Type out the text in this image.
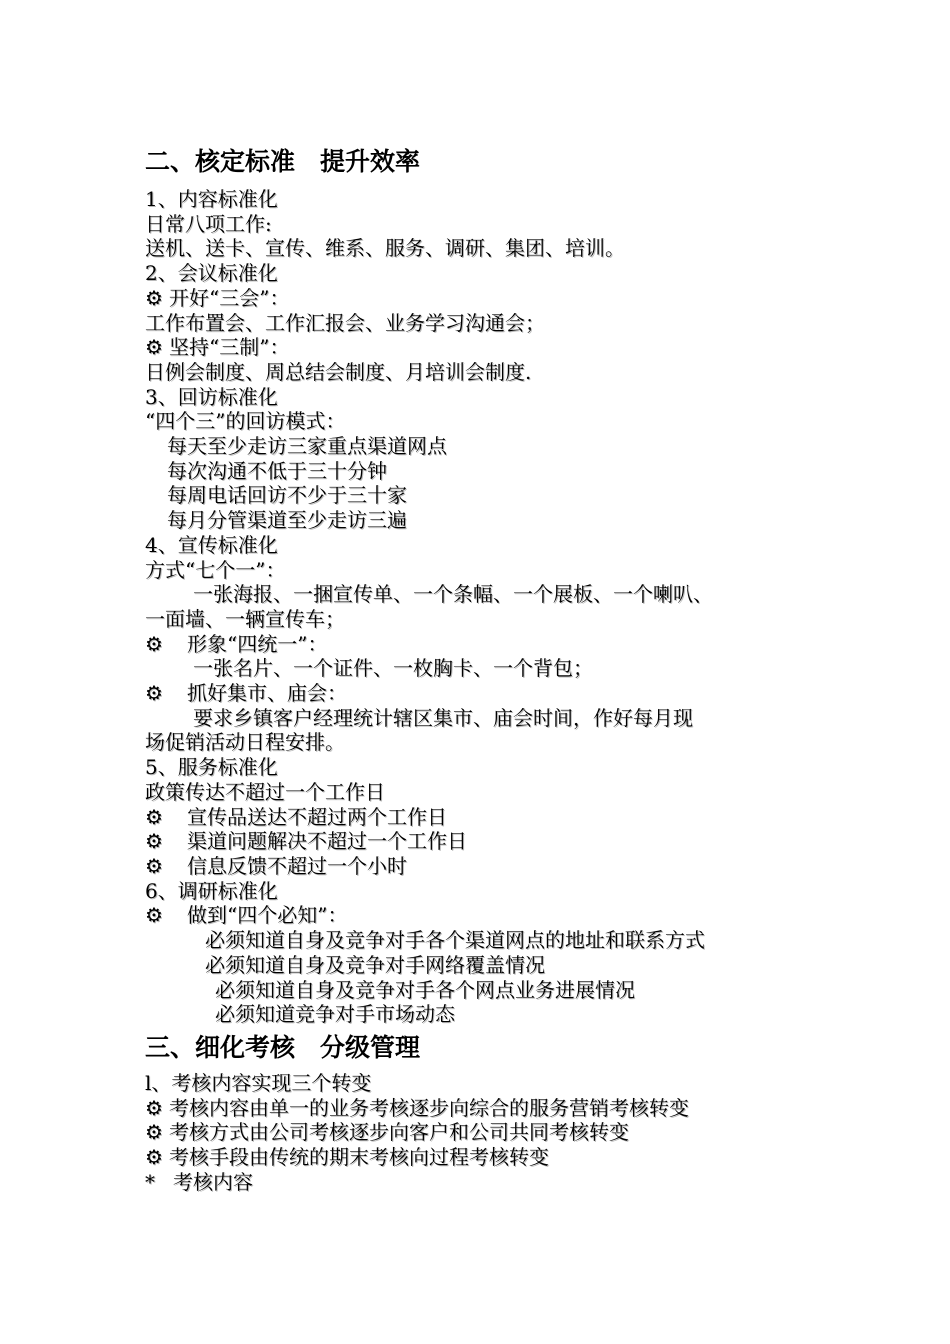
二、核定标准　提升效率
1、内容标准化
日常八项工作:
送机、送卡、宣传、维系、服务、调研、集团、培训。
2、会议标准化
⚙  开好“三会”：
工作布置会、工作汇报会、业务学习沟通会；
⚙  坚持“三制”：
日例会制度、周总结会制度、月培训会制度.
3、回访标准化
“四个三”的回访模式：
每天至少走访三家重点渠道网点
每次沟通不低于三十分钟
每周电话回访不少于三十家
每月分管渠道至少走访三遍
4、宣传标准化
方式“七个一”：
一张海报、一捆宣传单、一个条幅、一个展板、一个喇叭、
一面墙、一辆宣传车；
⚙ 形象“四统一”：
一张名片、一个证件、一枚胸卡、一个背包；
⚙ 抓好集市、庙会：
要求乡镇客户经理统计辖区集市、庙会时间，作好每月现
场促销活动日程安排。
5、服务标准化
政策传达不超过一个工作日
⚙ 宣传品送达不超过两个工作日
⚙ 渠道问题解决不超过一个工作日
⚙ 信息反馈不超过一个小时
6、调研标准化
⚙ 做到“四个必知”：
必须知道自身及竞争对手各个渠道网点的地址和联系方式
必须知道自身及竞争对手网络覆盖情况
必须知道自身及竞争对手各个网点业务进展情况
必须知道竞争对手市场动态
三、细化考核　分级管理
l、考核内容实现三个转变
⚙  考核内容由单一的业务考核逐步向综合的服务营销考核转变
⚙  考核方式由公司考核逐步向客户和公司共同考核转变
⚙  考核手段由传统的期末考核向过程考核转变
*   考核内容
